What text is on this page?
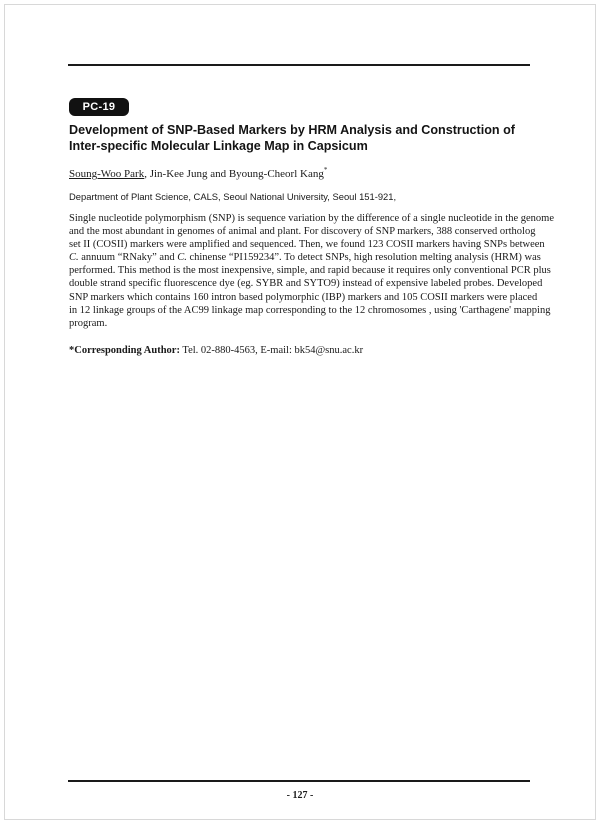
PC-19
Development of SNP-Based Markers by HRM Analysis and Construction of
Inter-specific Molecular Linkage Map in Capsicum
Soung-Woo Park, Jin-Kee Jung and Byoung-Cheorl Kang*
Department of Plant Science, CALS, Seoul National University, Seoul 151-921,
Single nucleotide polymorphism (SNP) is sequence variation by the difference of a single nucleotide in the genome
and the most abundant in genomes of animal and plant. For discovery of SNP markers, 388 conserved ortholog
set II (COSII) markers were amplified and sequenced. Then, we found 123 COSII markers having SNPs between
C. annuum “RNaky” and C. chinense “PI159234”. To detect SNPs, high resolution melting analysis (HRM) was
performed. This method is the most inexpensive, simple, and rapid because it requires only conventional PCR plus
double strand specific fluorescence dye (eg. SYBR and SYTO9) instead of expensive labeled probes. Developed
SNP markers which contains 160 intron based polymorphic (IBP) markers and 105 COSII markers were placed
in 12 linkage groups of the AC99 linkage map corresponding to the 12 chromosomes , using 'Carthagene' mapping
program.
*Corresponding Author: Tel. 02-880-4563, E-mail: bk54@snu.ac.kr
- 127 -
